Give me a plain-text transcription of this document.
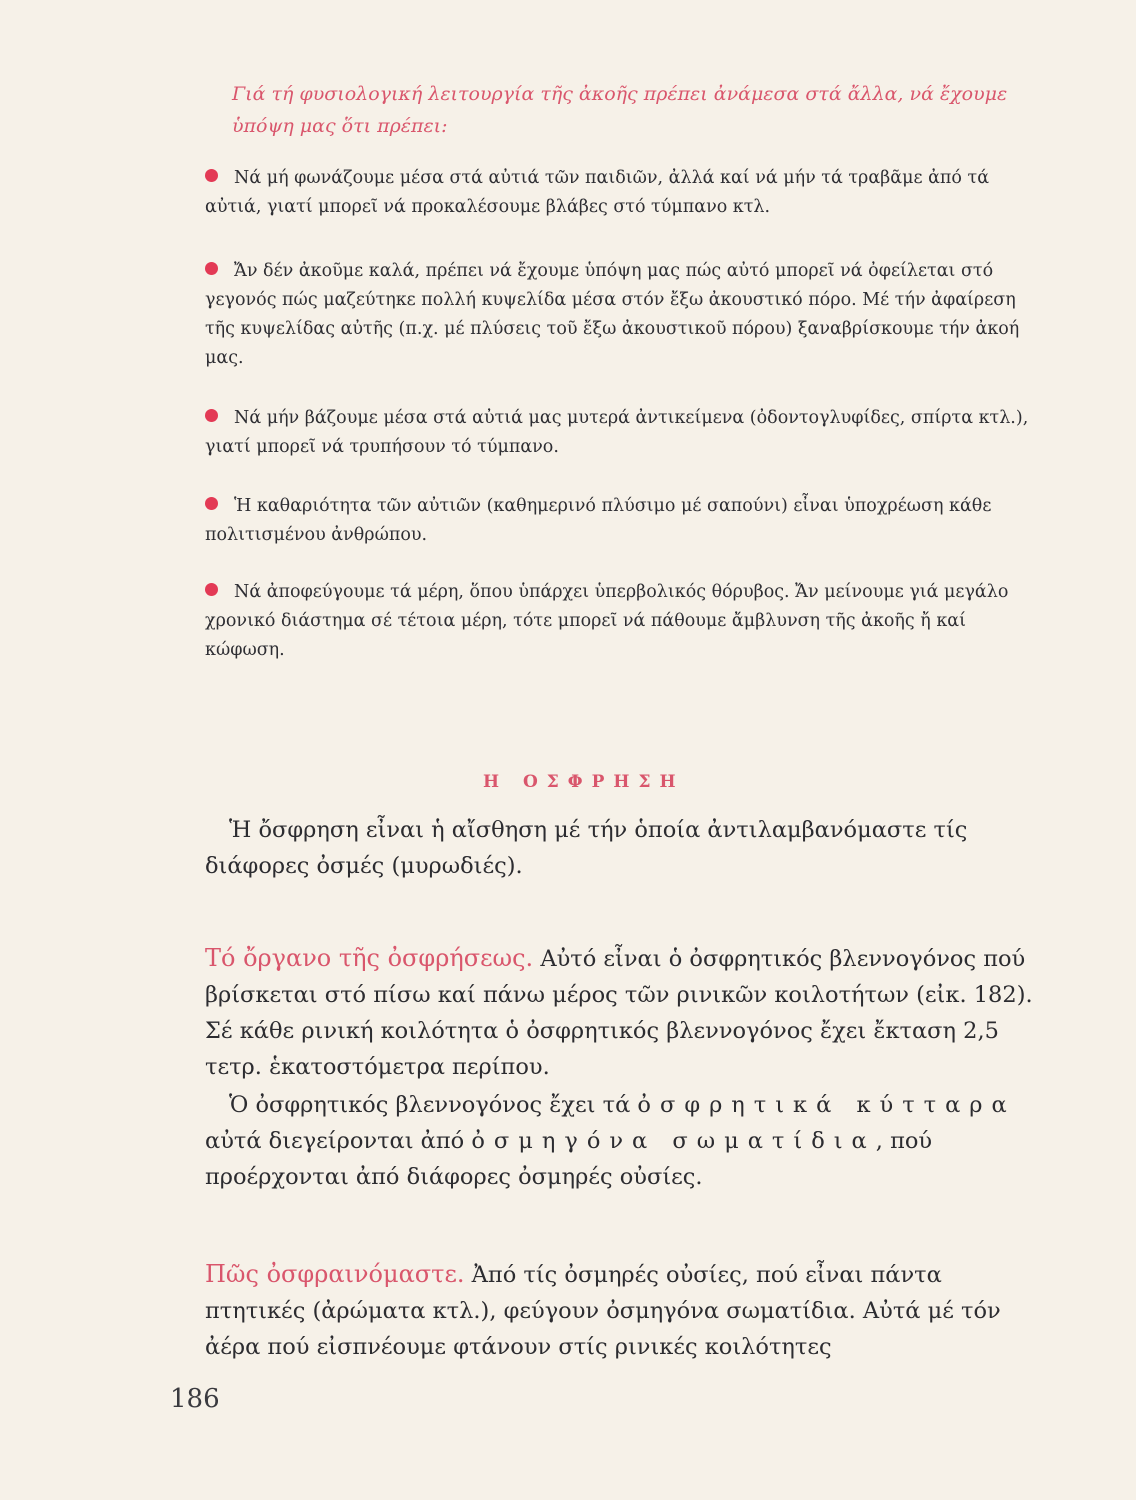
Γιά τή φυσιολογική λειτουργία τῆς ἀκοῆς πρέπει ἀνάμεσα στά ἄλλα, νά ἔχουμε ὑπόψη μας ὅτι πρέπει:

Νά μή φωνάζουμε μέσα στά αὐτιά τῶν παιδιῶν, ἀλλά καί νά μήν τά τραβᾶμε ἀπό τά αὐτιά, γιατί μπορεῖ νά προκαλέσουμε βλάβες στό τύμπανο κτλ.
Ἄν δέν ἀκοῦμε καλά, πρέπει νά ἔχουμε ὑπόψη μας πώς αὐτό μπορεῖ νά ὀφείλεται στό γεγονός πώς μαζεύτηκε πολλή κυψελίδα μέσα στόν ἔξω ἀκουστικό πόρο. Μέ τήν ἀφαίρεση τῆς κυψελίδας αὐτῆς (π.χ. μέ πλύσεις τοῦ ἔξω ἀκουστικοῦ πόρου) ξαναβρίσκουμε τήν ἀκοή μας.
Νά μήν βάζουμε μέσα στά αὐτιά μας μυτερά ἀντικείμενα (ὀδοντογλυφίδες, σπίρτα κτλ.), γιατί μπορεῖ νά τρυπήσουν τό τύμπανο.
Ἡ καθαριότητα τῶν αὐτιῶν (καθημερινό πλύσιμο μέ σαπούνι) εἶναι ὑποχρέωση κάθε πολιτισμένου ἀνθρώπου.
Νά ἀποφεύγουμε τά μέρη, ὅπου ὑπάρχει ὑπερβολικός θόρυβος. Ἄν μείνουμε γιά μεγάλο χρονικό διάστημα σέ τέτοια μέρη, τότε μπορεῖ νά πάθουμε ἄμβλυνση τῆς ἀκοῆς ἤ καί κώφωση.
Η ΟΣΦΡΗΣΗ

Ἡ ὄσφρηση εἶναι ἡ αἴσθηση μέ τήν ὁποία ἀντιλαμβανόμαστε τίς διάφορες ὀσμές (μυρωδιές).

Τό ὄργανο τῆς ὀσφρήσεως. Αὐτό εἶναι ὁ ὀσφρητικός βλεννογόνος πού βρίσκεται στό πίσω καί πάνω μέρος τῶν ρινικῶν κοιλοτήτων (εἰκ. 182). Σέ κάθε ρινική κοιλότητα ὁ ὀσφρητικός βλεννογόνος ἔχει ἔκταση 2,5 τετρ. ἑκατοστόμετρα περίπου.

Ὁ ὀσφρητικός βλεννογόνος ἔχει τά ὀσφρητικά κύτταρα αὐτά διεγείρονται ἀπό ὀσμηγόνα σωματίδια, πού προέρχονται ἀπό διάφορες ὀσμηρές οὐσίες.

Πῶς ὀσφραινόμαστε. Ἀπό τίς ὀσμηρές οὐσίες, πού εἶναι πάντα πτητικές (ἀρώματα κτλ.), φεύγουν ὀσμηγόνα σωματίδια. Αὐτά μέ τόν ἀέρα πού εἰσπνέουμε φτάνουν στίς ρινικές κοιλότητες

186
